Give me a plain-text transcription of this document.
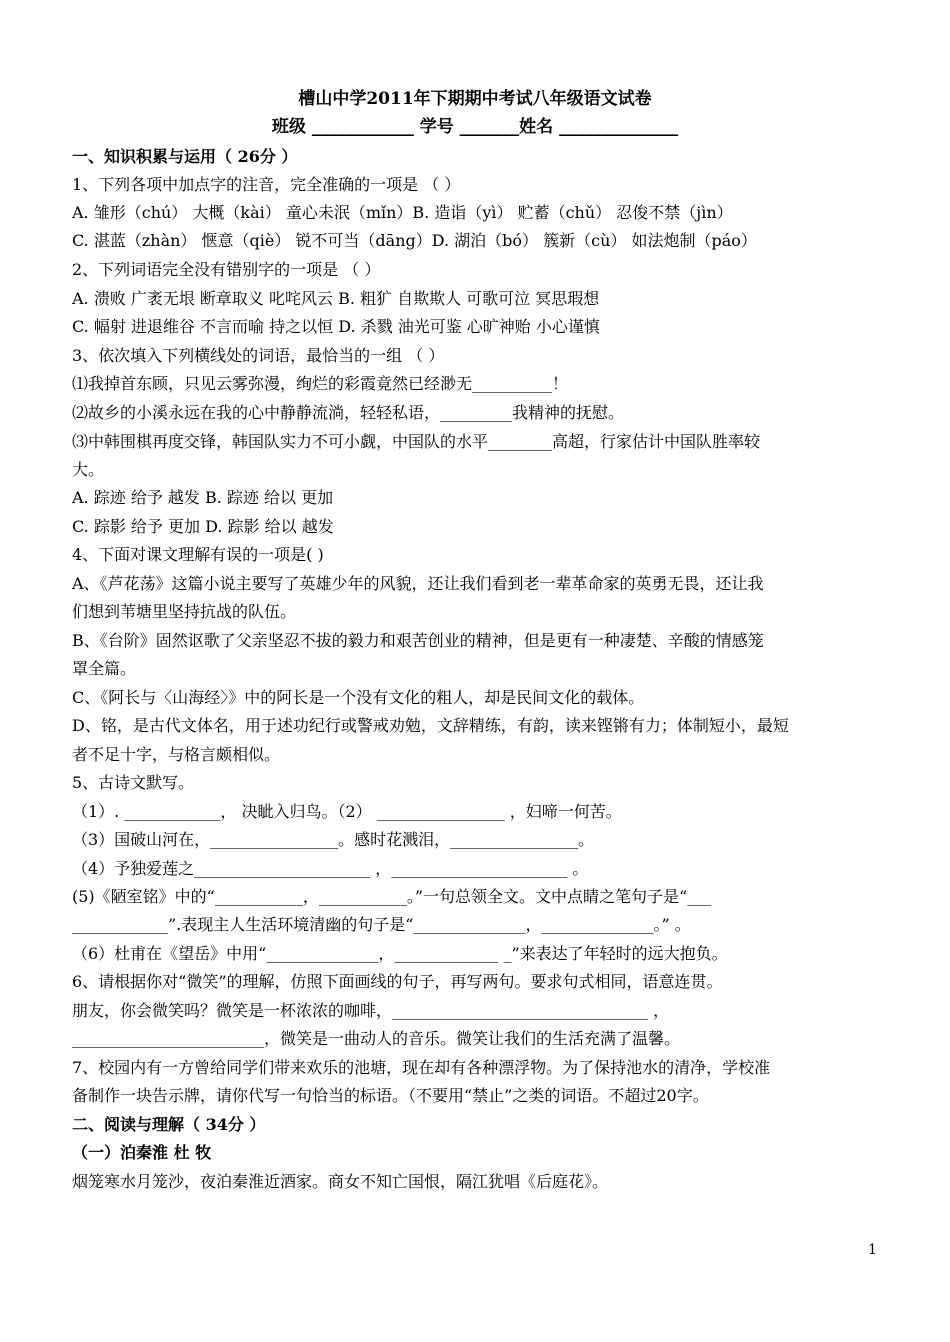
槽山中学2011年下期期中考试八年级语文试卷
班级 ____________ 学号 _______姓名 ______________
一、知识积累与运用（ 26分 ）
1、下列各项中加点字的注音，完全准确的一项是 （ ）
A. 雏形（chú） 大概（kài） 童心未泯（mǐn）B. 造诣（yì） 贮蓄（chǔ） 忍俊不禁（jìn）
C. 湛蓝（zhàn） 惬意（qiè） 锐不可当（dāng）D. 湖泊（bó） 簇新（cù） 如法炮制（páo）
2、下列词语完全没有错别字的一项是 （ ）
A. 溃败 广袤无垠 断章取义 叱咤风云 B. 粗犷 自欺欺人 可歌可泣 冥思瑕想
C. 幅射 进退维谷 不言而喻 持之以恒 D. 杀戮 油光可鉴 心旷神贻 小心谨慎
3、依次填入下列横线处的词语，最恰当的一组 （ ）
⑴我掉首东顾，只见云雾弥漫，绚烂的彩霞竟然已经渺无__________！
⑵故乡的小溪永远在我的心中静静流淌，轻轻私语，_________我精神的抚慰。
⑶中韩围棋再度交锋，韩国队实力不可小觑，中国队的水平________高超，行家估计中国队胜率较
大。
A. 踪迹 给予 越发 B. 踪迹 给以 更加
C. 踪影 给予 更加 D. 踪影 给以 越发
4、下面对课文理解有误的一项是( )
A、《芦花荡》这篇小说主要写了英雄少年的风貌，还让我们看到老一辈革命家的英勇无畏，还让我
们想到苇塘里坚持抗战的队伍。
B、《台阶》固然讴歌了父亲坚忍不拔的毅力和艰苦创业的精神，但是更有一种凄楚、辛酸的情感笼
罩全篇。
C、《阿长与〈山海经〉》中的阿长是一个没有文化的粗人，却是民间文化的载体。
D、铭，是古代文体名，用于述功纪行或警戒劝勉，文辞精练，有韵，读来铿锵有力；体制短小，最短
者不足十字，与格言颇相似。
5、古诗文默写。
（1）. ____________， 决眦入归鸟。（2） ________________ ，妇啼一何苦。
（3）国破山河在，________________。感时花溅泪，________________。
（4）予独爱莲之______________________ ，______________________ 。
(5)《陋室铭》中的“___________，___________。”一句总领全文。文中点睛之笔句子是“___
____________”.表现主人生活环境清幽的句子是“______________，______________。” 。
（6）杜甫在《望岳》中用“______________，_____________ _”来表达了年轻时的远大抱负。
6、请根据你对“微笑”的理解，仿照下面画线的句子，再写两句。要求句式相同，语意连贯。
朋友，你会微笑吗？微笑是一杯浓浓的咖啡，________________________________ ，
________________________，微笑是一曲动人的音乐。微笑让我们的生活充满了温馨。
7、校园内有一方曾给同学们带来欢乐的池塘，现在却有各种漂浮物。为了保持池水的清净，学校准
备制作一块告示牌，请你代写一句恰当的标语。（不要用“禁止”之类的词语。不超过20字。
二、阅读与理解（ 34分 ）
（一）泊秦淮 杜 牧
烟笼寒水月笼沙，夜泊秦淮近酒家。商女不知亡国恨，隔江犹唱《后庭花》。
1
